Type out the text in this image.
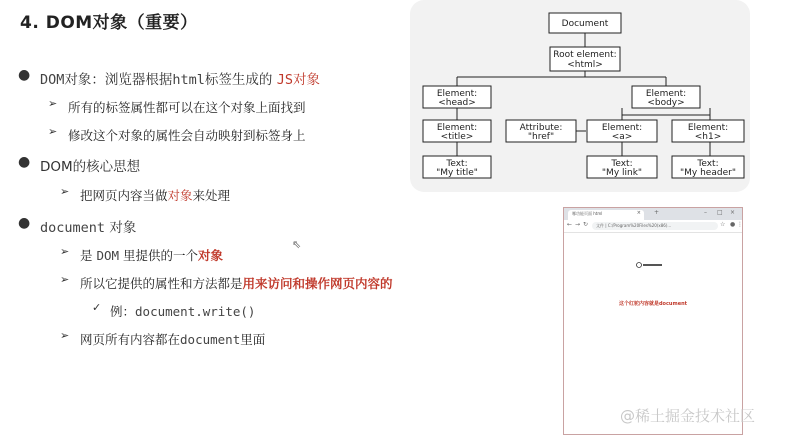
4. DOM对象（重要）
● DOM对象：浏览器根据html标签生成的 JS对象
➢ 所有的标签属性都可以在这个对象上面找到
➢ 修改这个对象的属性会自动映射到标签身上
● DOM的核心思想
➢ 把网页内容当做对象来处理
● document 对象
➢ 是 DOM 里提供的一个对象
➢ 所以它提供的属性和方法都是用来访问和操作网页内容的
✓ 例：document.write()
➢ 网页所有内容都在document里面
⇖
Document
Root element:
<html>
Element:
<head>
Element:
<body>
Element:
<title>
Attribute:
"href"
Element:
<a>
Element:
<h1>
Text:
"My title"
Text:
"My link"
Text:
"My header"
哪功能页面 html	× +	– □ ×
← → ↻	文件 | C:/Program%20Files%20(x86)...	☆ ● ⋮
这个红驼内容就是document
@稀土掘金技术社区
